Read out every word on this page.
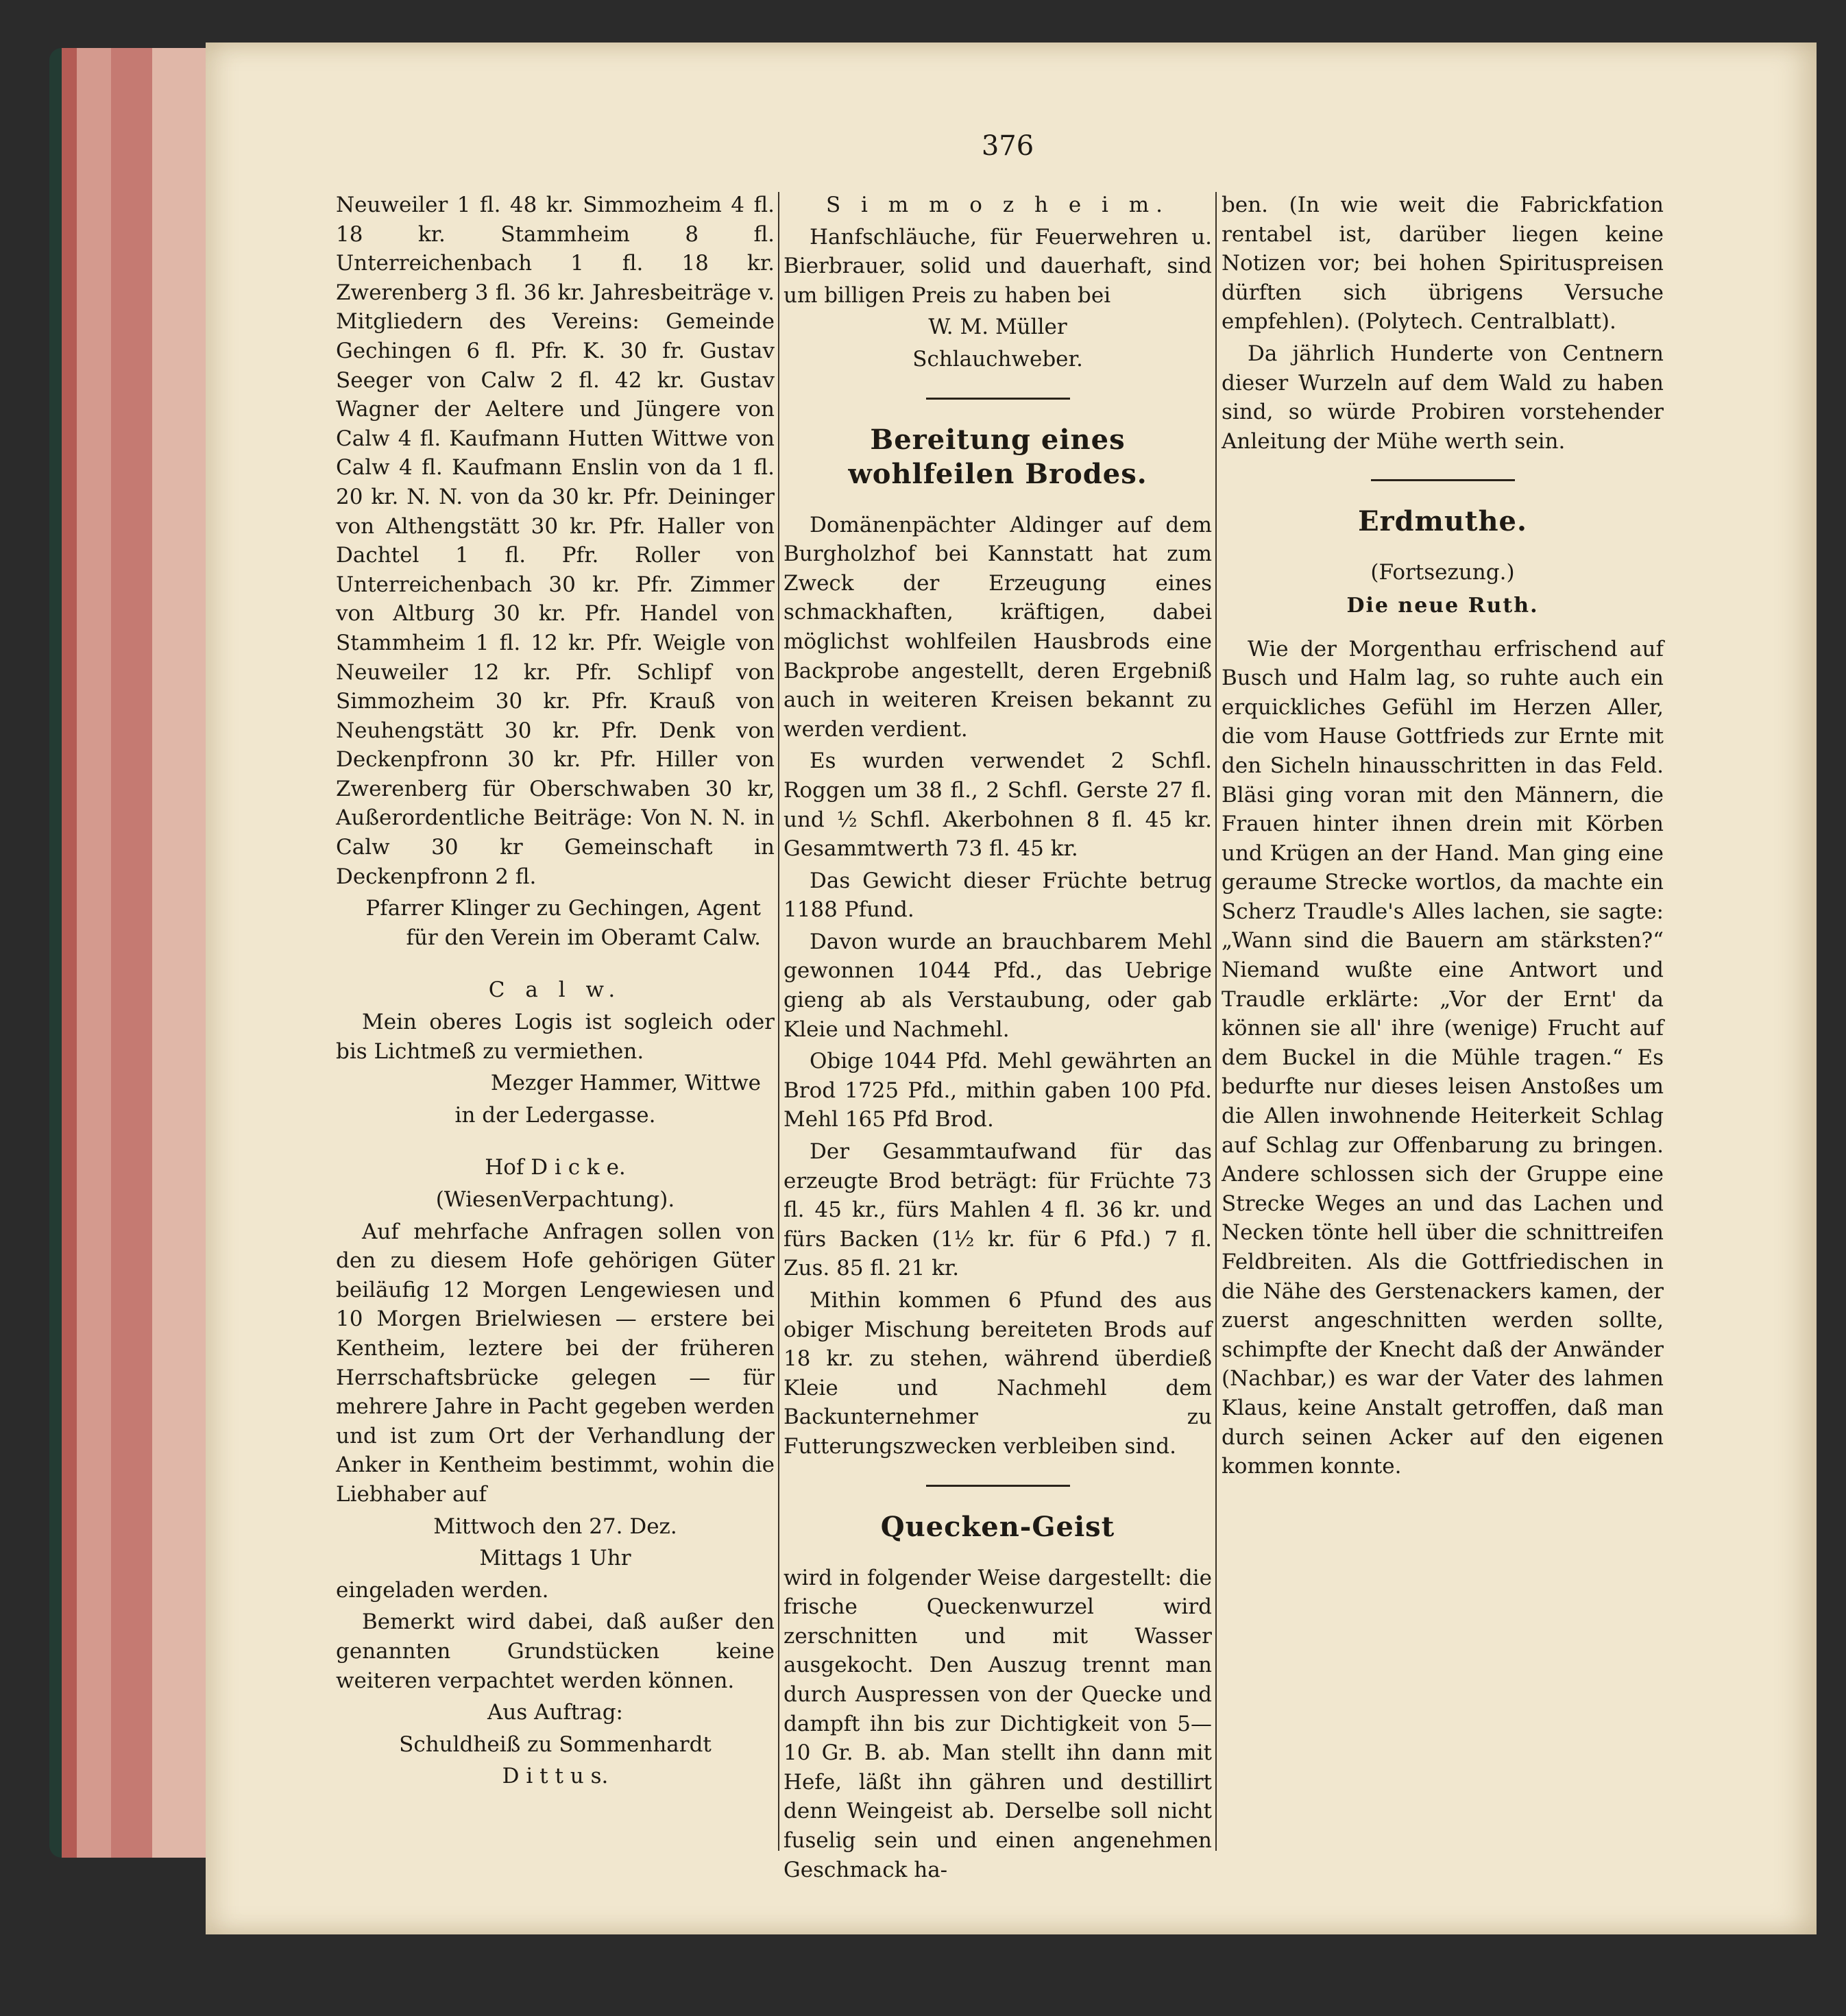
376

Neuweiler 1 fl. 48 kr. Simmozheim 4 fl. 18 kr. Stammheim 8 fl. Unterreichenbach 1 fl. 18 kr. Zwerenberg 3 fl. 36 kr. Jahresbeiträge v. Mitgliedern des Vereins: Gemeinde Gechingen 6 fl. Pfr. K. 30 fr. Gustav Seeger von Calw 2 fl. 42 kr. Gustav Wagner der Aeltere und Jüngere von Calw 4 fl. Kaufmann Hutten Wittwe von Calw 4 fl. Kaufmann Enslin von da 1 fl. 20 kr. N. N. von da 30 kr. Pfr. Deininger von Althengstätt 30 kr. Pfr. Haller von Dachtel 1 fl. Pfr. Roller von Unterreichenbach 30 kr. Pfr. Zimmer von Altburg 30 kr. Pfr. Handel von Stammheim 1 fl. 12 kr. Pfr. Weigle von Neuweiler 12 kr. Pfr. Schlipf von Simmozheim 30 kr. Pfr. Krauß von Neuhengstätt 30 kr. Pfr. Denk von Deckenpfronn 30 kr. Pfr. Hiller von Zwerenberg für Oberschwaben 30 kr, Außerordentliche Beiträge: Von N. N. in Calw 30 kr Gemeinschaft in Deckenpfronn 2 fl.

Pfarrer Klinger zu Gechingen, Agent für den Verein im Oberamt Calw.

C a l w.

Mein oberes Logis ist sogleich oder bis Lichtmeß zu vermiethen.

Mezger Hammer, Wittwe

in der Ledergasse.

Hof D i c k e.

(WiesenVerpachtung).

Auf mehrfache Anfragen sollen von den zu diesem Hofe gehörigen Güter beiläufig 12 Morgen Lengewiesen und 10 Morgen Brielwiesen — erstere bei Kentheim, leztere bei der früheren Herrschaftsbrücke gelegen — für mehrere Jahre in Pacht gegeben werden und ist zum Ort der Verhandlung der Anker in Kentheim bestimmt, wohin die Liebhaber auf

Mittwoch den 27. Dez.

Mittags 1 Uhr

eingeladen werden.

Bemerkt wird dabei, daß außer den genannten Grundstücken keine weiteren verpachtet werden können.

Aus Auftrag:

Schuldheiß zu Sommenhardt

D i t t u s.

S i m m o z h e i m.

Hanfschläuche, für Feuerwehren u. Bierbrauer, solid und dauerhaft, sind um billigen Preis zu haben bei

W. M. Müller

Schlauchweber.

Bereitung eines wohlfeilen Brodes.

Domänenpächter Aldinger auf dem Burgholzhof bei Kannstatt hat zum Zweck der Erzeugung eines schmackhaften, kräftigen, dabei möglichst wohlfeilen Hausbrods eine Backprobe angestellt, deren Ergebniß auch in weiteren Kreisen bekannt zu werden verdient.

Es wurden verwendet 2 Schfl. Roggen um 38 fl., 2 Schfl. Gerste 27 fl. und ½ Schfl. Akerbohnen 8 fl. 45 kr. Gesammtwerth 73 fl. 45 kr.

Das Gewicht dieser Früchte betrug 1188 Pfund.

Davon wurde an brauchbarem Mehl gewonnen 1044 Pfd., das Uebrige gieng ab als Verstaubung, oder gab Kleie und Nachmehl.

Obige 1044 Pfd. Mehl gewährten an Brod 1725 Pfd., mithin gaben 100 Pfd. Mehl 165 Pfd Brod.

Der Gesammtaufwand für das erzeugte Brod beträgt: für Früchte 73 fl. 45 kr., fürs Mahlen 4 fl. 36 kr. und fürs Backen (1½ kr. für 6 Pfd.) 7 fl. Zus. 85 fl. 21 kr.

Mithin kommen 6 Pfund des aus obiger Mischung bereiteten Brods auf 18 kr. zu stehen, während überdieß Kleie und Nachmehl dem Backunternehmer zu Futterungszwecken verbleiben sind.

Quecken-Geist

wird in folgender Weise dargestellt: die frische Queckenwurzel wird zerschnitten und mit Wasser ausgekocht. Den Auszug trennt man durch Auspressen von der Quecke und dampft ihn bis zur Dichtigkeit von 5—10 Gr. B. ab. Man stellt ihn dann mit Hefe, läßt ihn gähren und destillirt denn Weingeist ab. Derselbe soll nicht fuselig sein und einen angenehmen Geschmack ha-

ben. (In wie weit die Fabrickfation rentabel ist, darüber liegen keine Notizen vor; bei hohen Spirituspreisen dürften sich übrigens Versuche empfehlen). (Polytech. Centralblatt).

Da jährlich Hunderte von Centnern dieser Wurzeln auf dem Wald zu haben sind, so würde Probiren vorstehender Anleitung der Mühe werth sein.

Erdmuthe.

(Fortsezung.)

Die neue Ruth.

Wie der Morgenthau erfrischend auf Busch und Halm lag, so ruhte auch ein erquickliches Gefühl im Herzen Aller, die vom Hause Gottfrieds zur Ernte mit den Sicheln hinausschritten in das Feld. Bläsi ging voran mit den Männern, die Frauen hinter ihnen drein mit Körben und Krügen an der Hand. Man ging eine geraume Strecke wortlos, da machte ein Scherz Traudle's Alles lachen, sie sagte: „Wann sind die Bauern am stärksten?“ Niemand wußte eine Antwort und Traudle erklärte: „Vor der Ernt' da können sie all' ihre (wenige) Frucht auf dem Buckel in die Mühle tragen.“ Es bedurfte nur dieses leisen Anstoßes um die Allen inwohnende Heiterkeit Schlag auf Schlag zur Offenbarung zu bringen. Andere schlossen sich der Gruppe eine Strecke Weges an und das Lachen und Necken tönte hell über die schnittreifen Feldbreiten. Als die Gottfriedischen in die Nähe des Gerstenackers kamen, der zuerst angeschnitten werden sollte, schimpfte der Knecht daß der Anwänder (Nachbar,) es war der Vater des lahmen Klaus, keine Anstalt getroffen, daß man durch seinen Acker auf den eigenen kommen konnte.
